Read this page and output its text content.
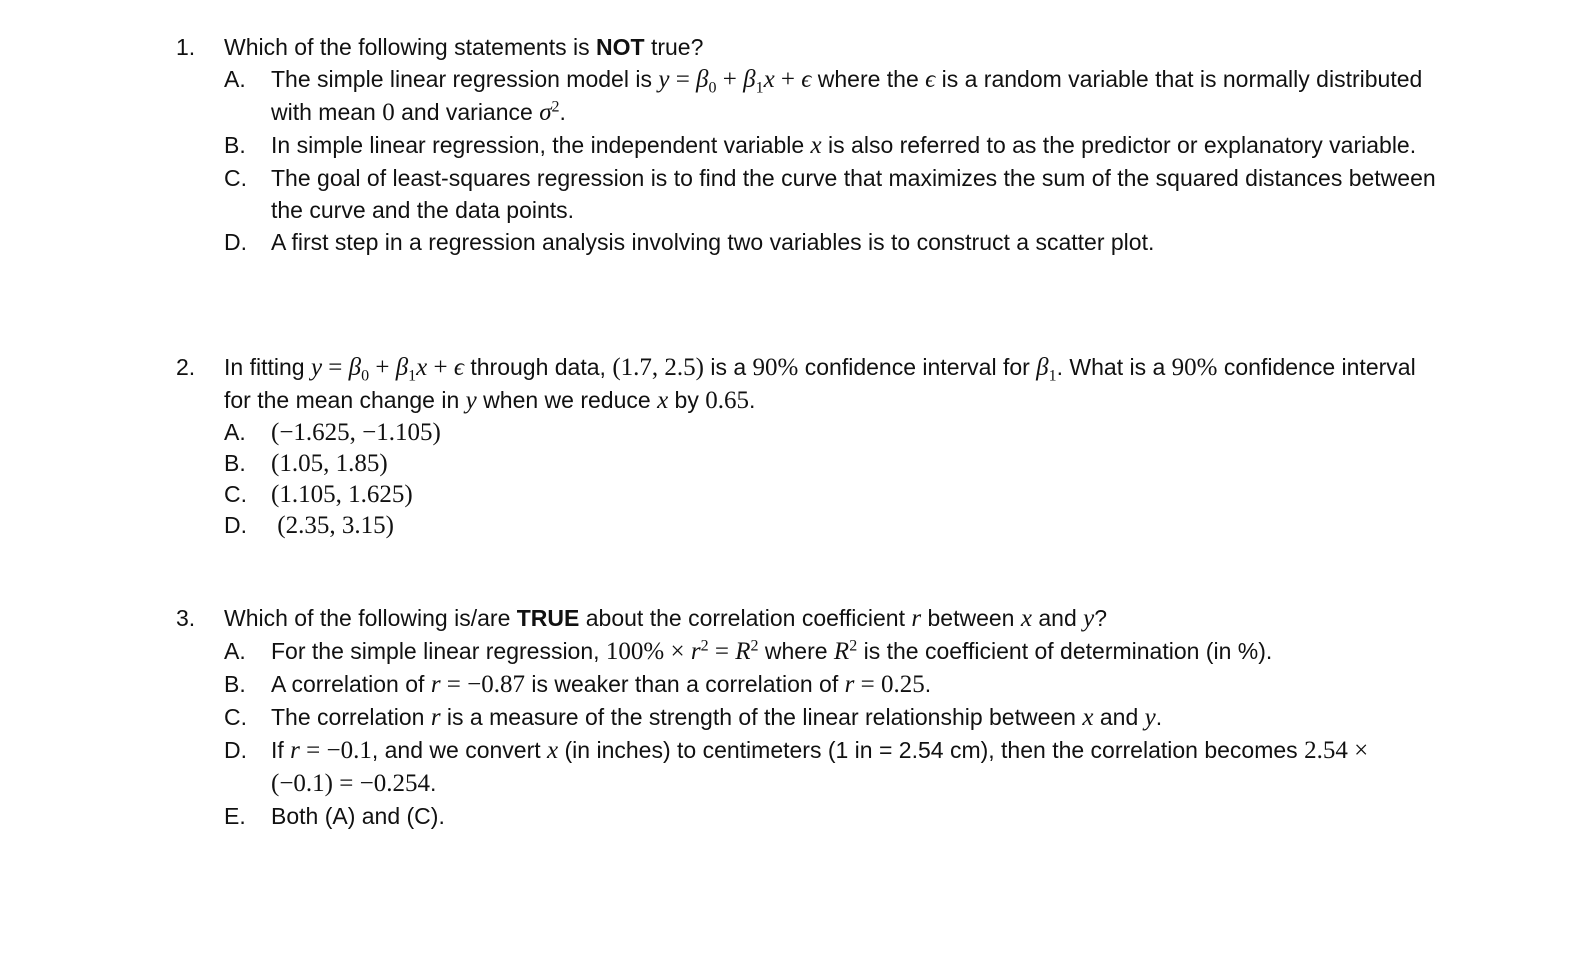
1.	Which of the following statements is NOT true?
A.	The simple linear regression model is $y = \beta_0 + \beta_1x + \epsilon$ where the ϵ is a random variable that is normally distributed with mean 0 and variance $\sigma^2$.
B.	In simple linear regression, the independent variable x is also referred to as the predictor or explanatory variable.
C.	The goal of least-squares regression is to find the curve that maximizes the sum of the squared distances between the curve and the data points.
D.	A first step in a regression analysis involving two variables is to construct a scatter plot.
2.	In fitting $y = \beta_0 + \beta_1x + \epsilon$ through data, (1.7, 2.5) is a 90% confidence interval for $\beta_1$. What is a 90% confidence interval for the mean change in y when we reduce x by 0.65.
A.	(−1.625, −1.105)
B.	(1.05, 1.85)
C. (1.105, 1.625)
D. (2.35, 3.15)
3.	Which of the following is/are TRUE about the correlation coefficient r between x and y?
A.	For the simple linear regression, $100\% \times r^2 = R^2$ where $R^2$ is the coefficient of determination (in %).
B.	A correlation of r = −0.87 is weaker than a correlation of r = 0.25.
C.	The correlation r is a measure of the strength of the linear relationship between x and y.
D.	If r = −0.1, and we convert x (in inches) to centimeters (1 in = 2.54 cm), then the correlation becomes 2.54 × (−0.1) = −0.254.
E.	Both (A) and (C).
